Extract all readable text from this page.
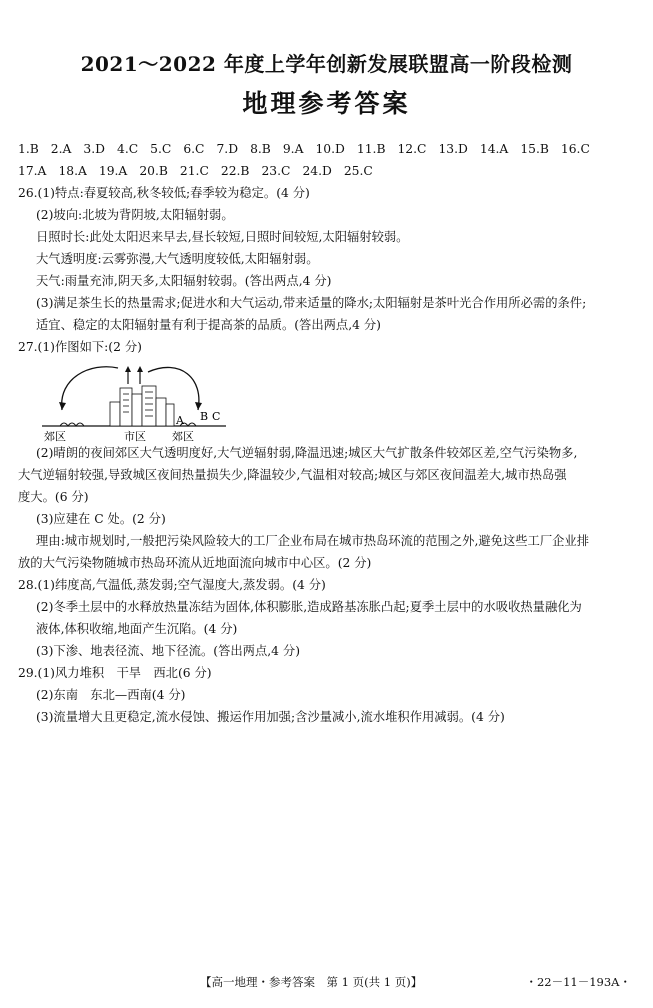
2021～2022 年度上学年创新发展联盟高一阶段检测
地理参考答案
1.B 2.A 3.D 4.C 5.C 6.C 7.D 8.B 9.A 10.D 11.B 12.C 13.D 14.A 15.B 16.C
17.A 18.A 19.A 20.B 21.C 22.B 23.C 24.D 25.C
26.(1)特点:春夏较高,秋冬较低;春季较为稳定。(4 分)
(2)坡向:北坡为背阴坡,太阳辐射弱。
日照时长:此处太阳迟来早去,昼长较短,日照时间较短,太阳辐射较弱。
大气透明度:云雾弥漫,大气透明度较低,太阳辐射弱。
天气:雨量充沛,阴天多,太阳辐射较弱。(答出两点,4 分)
(3)满足茶生长的热量需求;促进水和大气运动,带来适量的降水;太阳辐射是茶叶光合作用所必需的条件;
适宜、稳定的太阳辐射量有利于提高茶的品质。(答出两点,4 分)
27.(1)作图如下:(2 分)
郊区	市区 郊区
A B C
(2)晴朗的夜间郊区大气透明度好,大气逆辐射弱,降温迅速;城区大气扩散条件较郊区差,空气污染物多,
大气逆辐射较强,导致城区夜间热量损失少,降温较少,气温相对较高;城区与郊区夜间温差大,城市热岛强
度大。(6 分)
(3)应建在 C 处。(2 分)
理由:城市规划时,一般把污染风险较大的工厂企业布局在城市热岛环流的范围之外,避免这些工厂企业排
放的大气污染物随城市热岛环流从近地面流向城市中心区。(2 分)
28.(1)纬度高,气温低,蒸发弱;空气湿度大,蒸发弱。(4 分)
(2)冬季土层中的水释放热量冻结为固体,体积膨胀,造成路基冻胀凸起;夏季土层中的水吸收热量融化为
液体,体积收缩,地面产生沉陷。(4 分)
(3)下渗、地表径流、地下径流。(答出两点,4 分)
29.(1)风力堆积　干旱　西北(6 分)
(2)东南　东北—西南(4 分)
(3)流量增大且更稳定,流水侵蚀、搬运作用加强;含沙量减小,流水堆积作用减弱。(4 分)
【高一地理・参考答案　第 1 页(共 1 页)】	・22－11－193A・
